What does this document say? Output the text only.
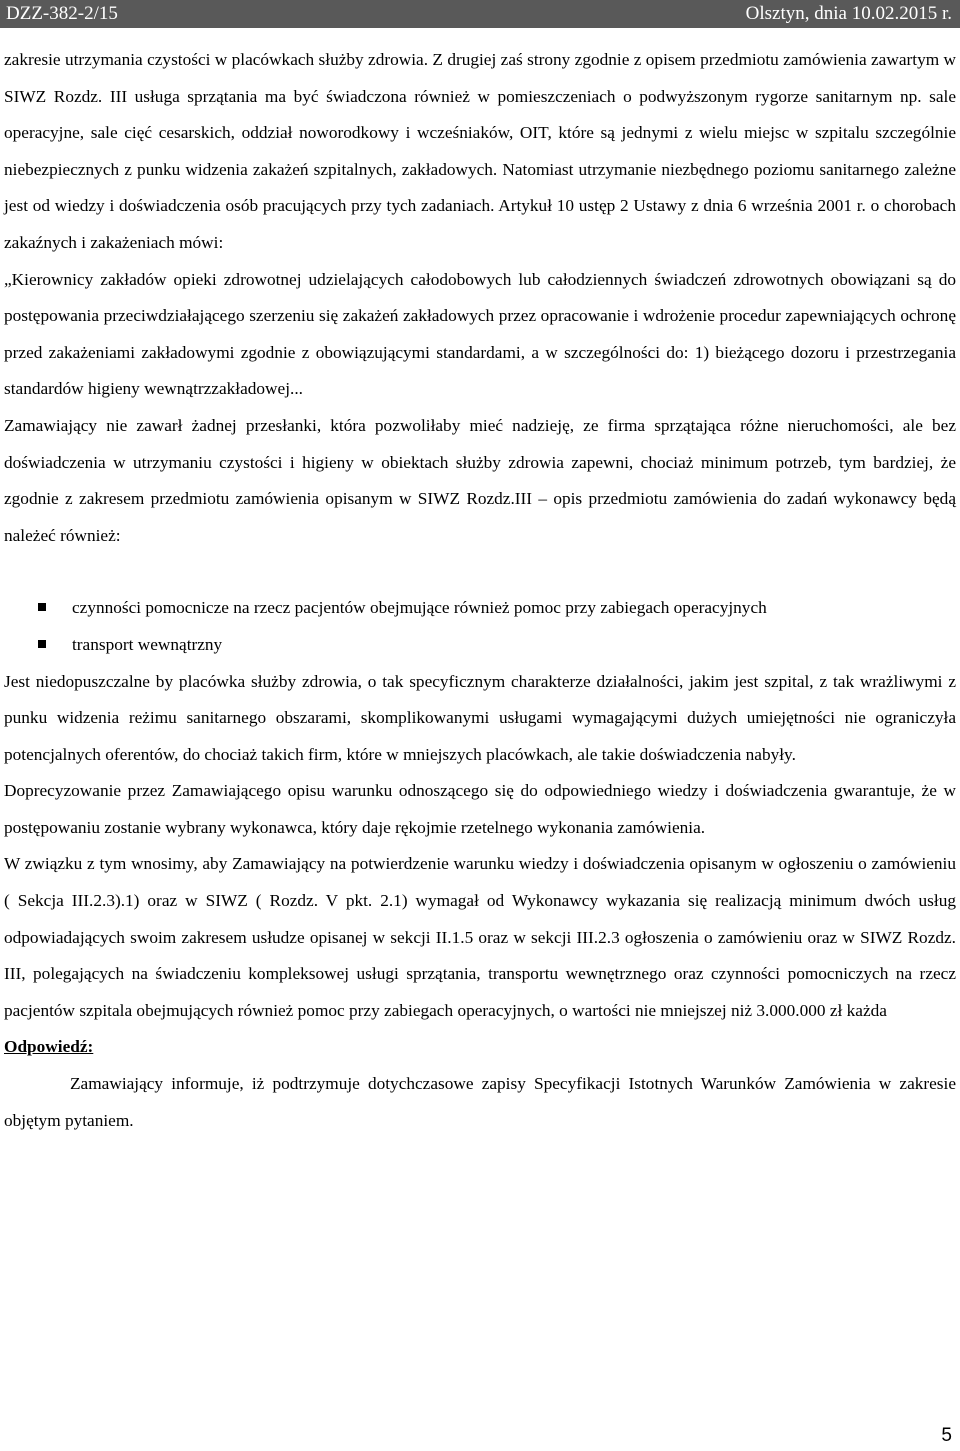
DZZ-382-2/15	Olsztyn, dnia 10.02.2015 r.

zakresie utrzymania czystości w placówkach służby zdrowia. Z drugiej zaś strony zgodnie z opisem przedmiotu zamówienia zawartym w SIWZ Rozdz. III usługa sprzątania ma być świadczona również w pomieszczeniach o podwyższonym rygorze sanitarnym np. sale operacyjne, sale cięć cesarskich, oddział noworodkowy i wcześniaków, OIT, które są jednymi z wielu miejsc w szpitalu szczególnie niebezpiecznych z punku widzenia zakażeń szpitalnych, zakładowych. Natomiast utrzymanie niezbędnego poziomu sanitarnego zależne jest od wiedzy i doświadczenia osób pracujących przy tych zadaniach. Artykuł 10 ustęp 2 Ustawy z dnia 6 września 2001 r. o chorobach zakaźnych i zakażeniach mówi:

„Kierownicy zakładów opieki zdrowotnej udzielających całodobowych lub całodziennych świadczeń zdrowotnych obowiązani są do postępowania przeciwdziałającego szerzeniu się zakażeń zakładowych przez opracowanie i wdrożenie procedur zapewniających ochronę przed zakażeniami zakładowymi zgodnie z obowiązującymi standardami, a w szczególności do: 1) bieżącego dozoru i przestrzegania standardów higieny wewnątrzzakładowej...

Zamawiający nie zawarł żadnej przesłanki, która pozwoliłaby mieć nadzieję, ze firma sprzątająca różne nieruchomości, ale bez doświadczenia w utrzymaniu czystości i higieny w obiektach służby zdrowia zapewni, chociaż minimum potrzeb, tym bardziej, że zgodnie z zakresem przedmiotu zamówienia opisanym w SIWZ Rozdz.III – opis przedmiotu zamówienia do zadań wykonawcy będą należeć również:

czynności pomocnicze na rzecz pacjentów obejmujące również pomoc przy zabiegach operacyjnych
transport wewnątrzny

Jest niedopuszczalne by placówka służby zdrowia, o tak specyficznym charakterze działalności, jakim jest szpital, z tak wrażliwymi z punku widzenia reżimu sanitarnego obszarami, skomplikowanymi usługami wymagającymi dużych umiejętności nie ograniczyła potencjalnych oferentów, do chociaż takich firm, które w mniejszych placówkach, ale takie doświadczenia nabyły.

Doprecyzowanie przez Zamawiającego opisu warunku odnoszącego się do odpowiedniego wiedzy i doświadczenia gwarantuje, że w postępowaniu zostanie wybrany wykonawca, który daje rękojmie rzetelnego wykonania zamówienia.

W związku z tym wnosimy, aby Zamawiający na potwierdzenie warunku wiedzy i doświadczenia opisanym w ogłoszeniu o zamówieniu ( Sekcja III.2.3).1) oraz w SIWZ ( Rozdz. V pkt. 2.1) wymagał od Wykonawcy wykazania się realizacją minimum dwóch usług odpowiadających swoim zakresem usłudze opisanej w sekcji II.1.5 oraz w sekcji III.2.3 ogłoszenia o zamówieniu oraz w SIWZ Rozdz. III, polegających na świadczeniu kompleksowej usługi sprzątania, transportu wewnętrznego oraz czynności pomocniczych na rzecz pacjentów szpitala obejmujących również pomoc przy zabiegach operacyjnych, o wartości nie mniejszej niż 3.000.000 zł każda

Odpowiedź:

Zamawiający informuje, iż podtrzymuje dotychczasowe zapisy Specyfikacji Istotnych Warunków Zamówienia w zakresie objętym pytaniem.

5
